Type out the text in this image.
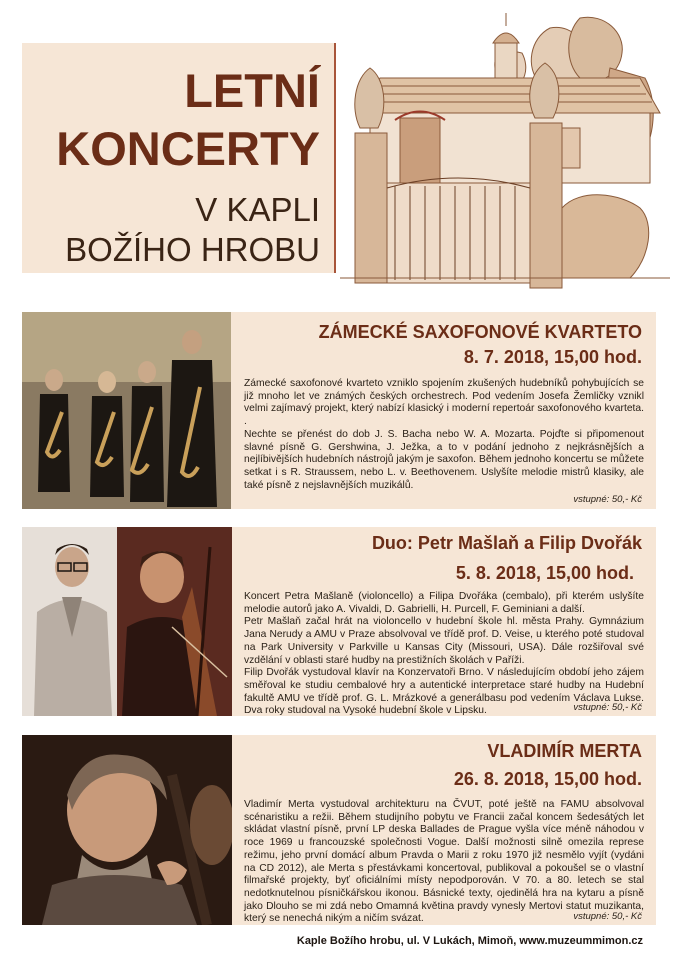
LETNÍ
KONCERTY
V KAPLI
BOŽÍHO HROBU
ZÁMECKÉ SAXOFONOVÉ KVARTETO
8. 7. 2018, 15,00 hod.

Zámecké saxofonové kvarteto vzniklo spojením zkušených hudebníků pohybujících se již mnoho let ve známých českých orchestrech. Pod vedením Josefa Žemličky vznikl velmi zajímavý projekt, který nabízí klasický i moderní repertoár saxofonového kvarteta. .

Nechte se přenést do dob J. S. Bacha nebo W. A. Mozarta. Pojďte si připomenout slavné písně G. Gershwina, J. Ježka, a to v podání jednoho z nejkrásnějších a nejlíbivějších hudebních nástrojů jakým je saxofon. Během jednoho koncertu se můžete setkat i s R. Straussem, nebo L. v. Beethovenem. Uslyšíte melodie mistrů klasiky, ale také písně z nejslavnějších muzikálů.

vstupné: 50,- Kč
Duo: Petr Mašlaň a Filip Dvořák
5. 8. 2018, 15,00 hod.

Koncert Petra Mašlaně (violoncello) a Filipa Dvořáka (cembalo), při kterém uslyšíte melodie autorů jako A. Vivaldi, D. Gabrielli, H. Purcell, F. Geminiani a další.

Petr Mašlaň začal hrát na violoncello v hudební škole hl. města Prahy. Gymnázium Jana Nerudy a AMU v Praze absolvoval ve třídě prof. D. Veise, u kterého poté studoval na Park University v Parkville u Kansas City (Missouri, USA). Dále rozšiřoval své vzdělání v oblasti staré hudby na prestižních školách v Paříži.

Filip Dvořák vystudoval klavír na Konzervatoři Brno. V následujícím období jeho zájem směřoval ke studiu cembalové hry a autentické interpretace staré hudby na Hudební fakultě AMU ve třídě prof. G. L. Mrázkové a generálbasu pod vedením Václava Lukse. Dva roky studoval na Vysoké hudební škole v Lipsku.	vstupné: 50,- Kč
VLADIMÍR MERTA
26. 8. 2018, 15,00 hod.

Vladimír Merta vystudoval architekturu na ČVUT, poté ještě na FAMU absolvoval scénaristiku a režii. Během studijního pobytu ve Francii začal koncem šedesátých let skládat vlastní písně, první LP deska Ballades de Prague vyšla více méně náhodou v roce 1969 u francouzské společnosti Vogue. Další možnosti silně omezila represe režimu, jeho první domácí album Pravda o Marii z roku 1970 již nesmělo vyjít (vydáni na CD 2012), ale Merta s přestávkami koncertoval, publikoval a pokoušel se o vlastní filmařské projekty, byť oficiálními místy nepodporován. V 70. a 80. letech se stal nedotknutelnou písničkářskou ikonou. Básnické texty, ojedinělá hra na kytaru a písně jako Dlouho se mi zdá nebo Omamná květina pravdy vynesly Mertovi statut muzikanta, který se nenechá nikým a ničím svázat.	vstupné: 50,- Kč
Kaple Božího hrobu, ul. V Lukách, Mimoň, www.muzeummimon.cz
